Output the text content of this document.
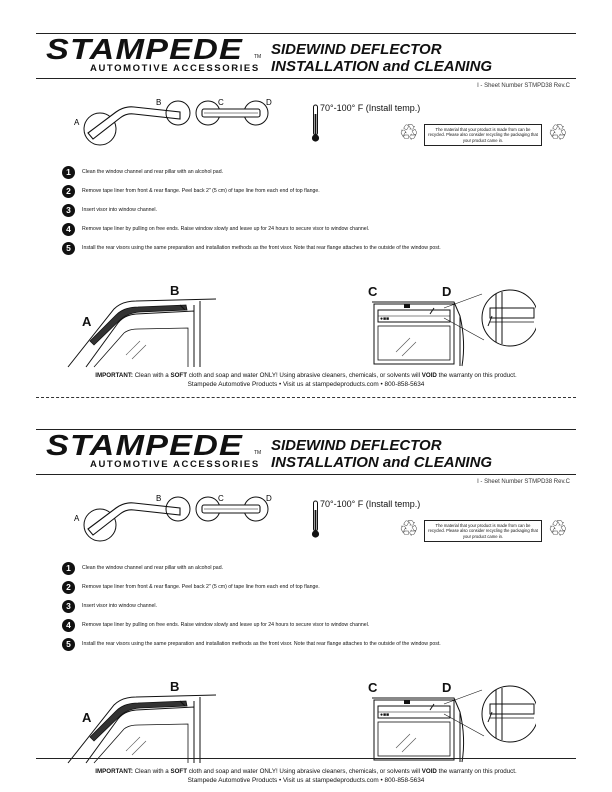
STAMPEDE
AUTOMOTIVE ACCESSORIES
TM SIDEWIND DEFLECTOR
INSTALLATION and CLEANING
I - Sheet Number STMPD38 Rev.C
A
B	C	D
70°-100° F (Install temp.)
♲	The material that your product is made from can be recycled. Please also consider recycling the packaging that your product came in.	♲
1	Clean the window channel and rear pillar with an alcohol pad.
2	Remove tape liner from front & rear flange. Peel back 2" (5 cm) of tape line from each end of top flange.
3	Insert visor into window channel.
4	Remove tape liner by pulling on free ends. Raise window slowly and leave up for 24 hours to secure visor to window channel.
5	Install the rear visors using the same preparation and installation methods as the front visor. Note that rear flange attaches to the outside of the window post.
A
B
●■■
C	D
IMPORTANT: Clean with a SOFT cloth and soap and water ONLY! Using abrasive cleaners, chemicals, or solvents will VOID the warranty on this product.
Stampede Automotive Products • Visit us at stampedeproducts.com • 800-858-5634
STAMPEDE
AUTOMOTIVE ACCESSORIES
TM SIDEWIND DEFLECTOR
INSTALLATION and CLEANING
I - Sheet Number STMPD38 Rev.C
A
B	C	D
70°-100° F (Install temp.)
♲	The material that your product is made from can be recycled. Please also consider recycling the packaging that your product came in.	♲
1	Clean the window channel and rear pillar with an alcohol pad.
2	Remove tape liner from front & rear flange. Peel back 2" (5 cm) of tape line from each end of top flange.
3	Insert visor into window channel.
4	Remove tape liner by pulling on free ends. Raise window slowly and leave up for 24 hours to secure visor to window channel.
5	Install the rear visors using the same preparation and installation methods as the front visor. Note that rear flange attaches to the outside of the window post.
A
B
●■■
C	D
IMPORTANT: Clean with a SOFT cloth and soap and water ONLY! Using abrasive cleaners, chemicals, or solvents will VOID the warranty on this product.
Stampede Automotive Products • Visit us at stampedeproducts.com • 800-858-5634
